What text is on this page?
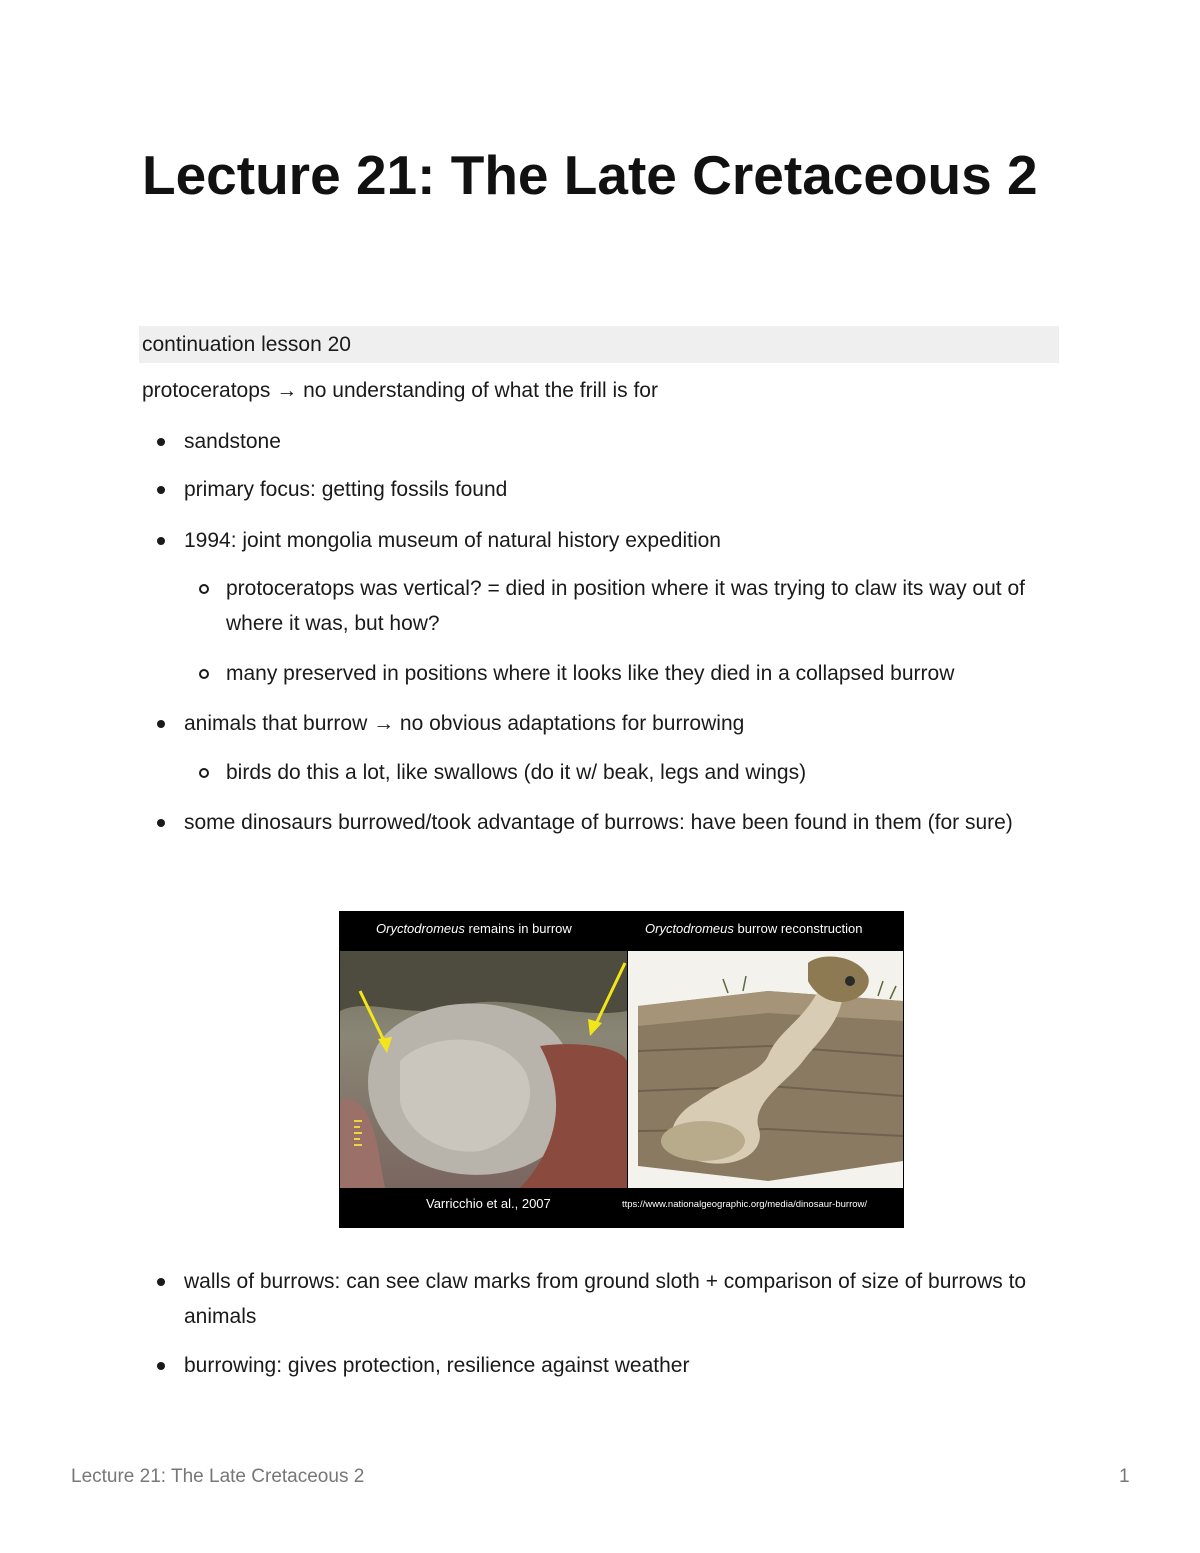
Lecture 21: The Late Cretaceous 2
continuation lesson 20
protoceratops → no understanding of what the frill is for
sandstone
primary focus: getting fossils found
1994: joint mongolia museum of natural history expedition
protoceratops was vertical? = died in position where it was trying to claw its way out of where it was, but how?
many preserved in positions where it looks like they died in a collapsed burrow
animals that burrow → no obvious adaptations for burrowing
birds do this a lot, like swallows (do it w/ beak, legs and wings)
some dinosaurs burrowed/took advantage of burrows: have been found in them (for sure)
Oryctodromeus remains in burrow	Oryctodromeus burrow reconstruction
Varricchio et al., 2007	ttps://www.nationalgeographic.org/media/dinosaur-burrow/
walls of burrows: can see claw marks from ground sloth + comparison of size of burrows to animals
burrowing: gives protection, resilience against weather
Lecture 21: The Late Cretaceous 2	1
